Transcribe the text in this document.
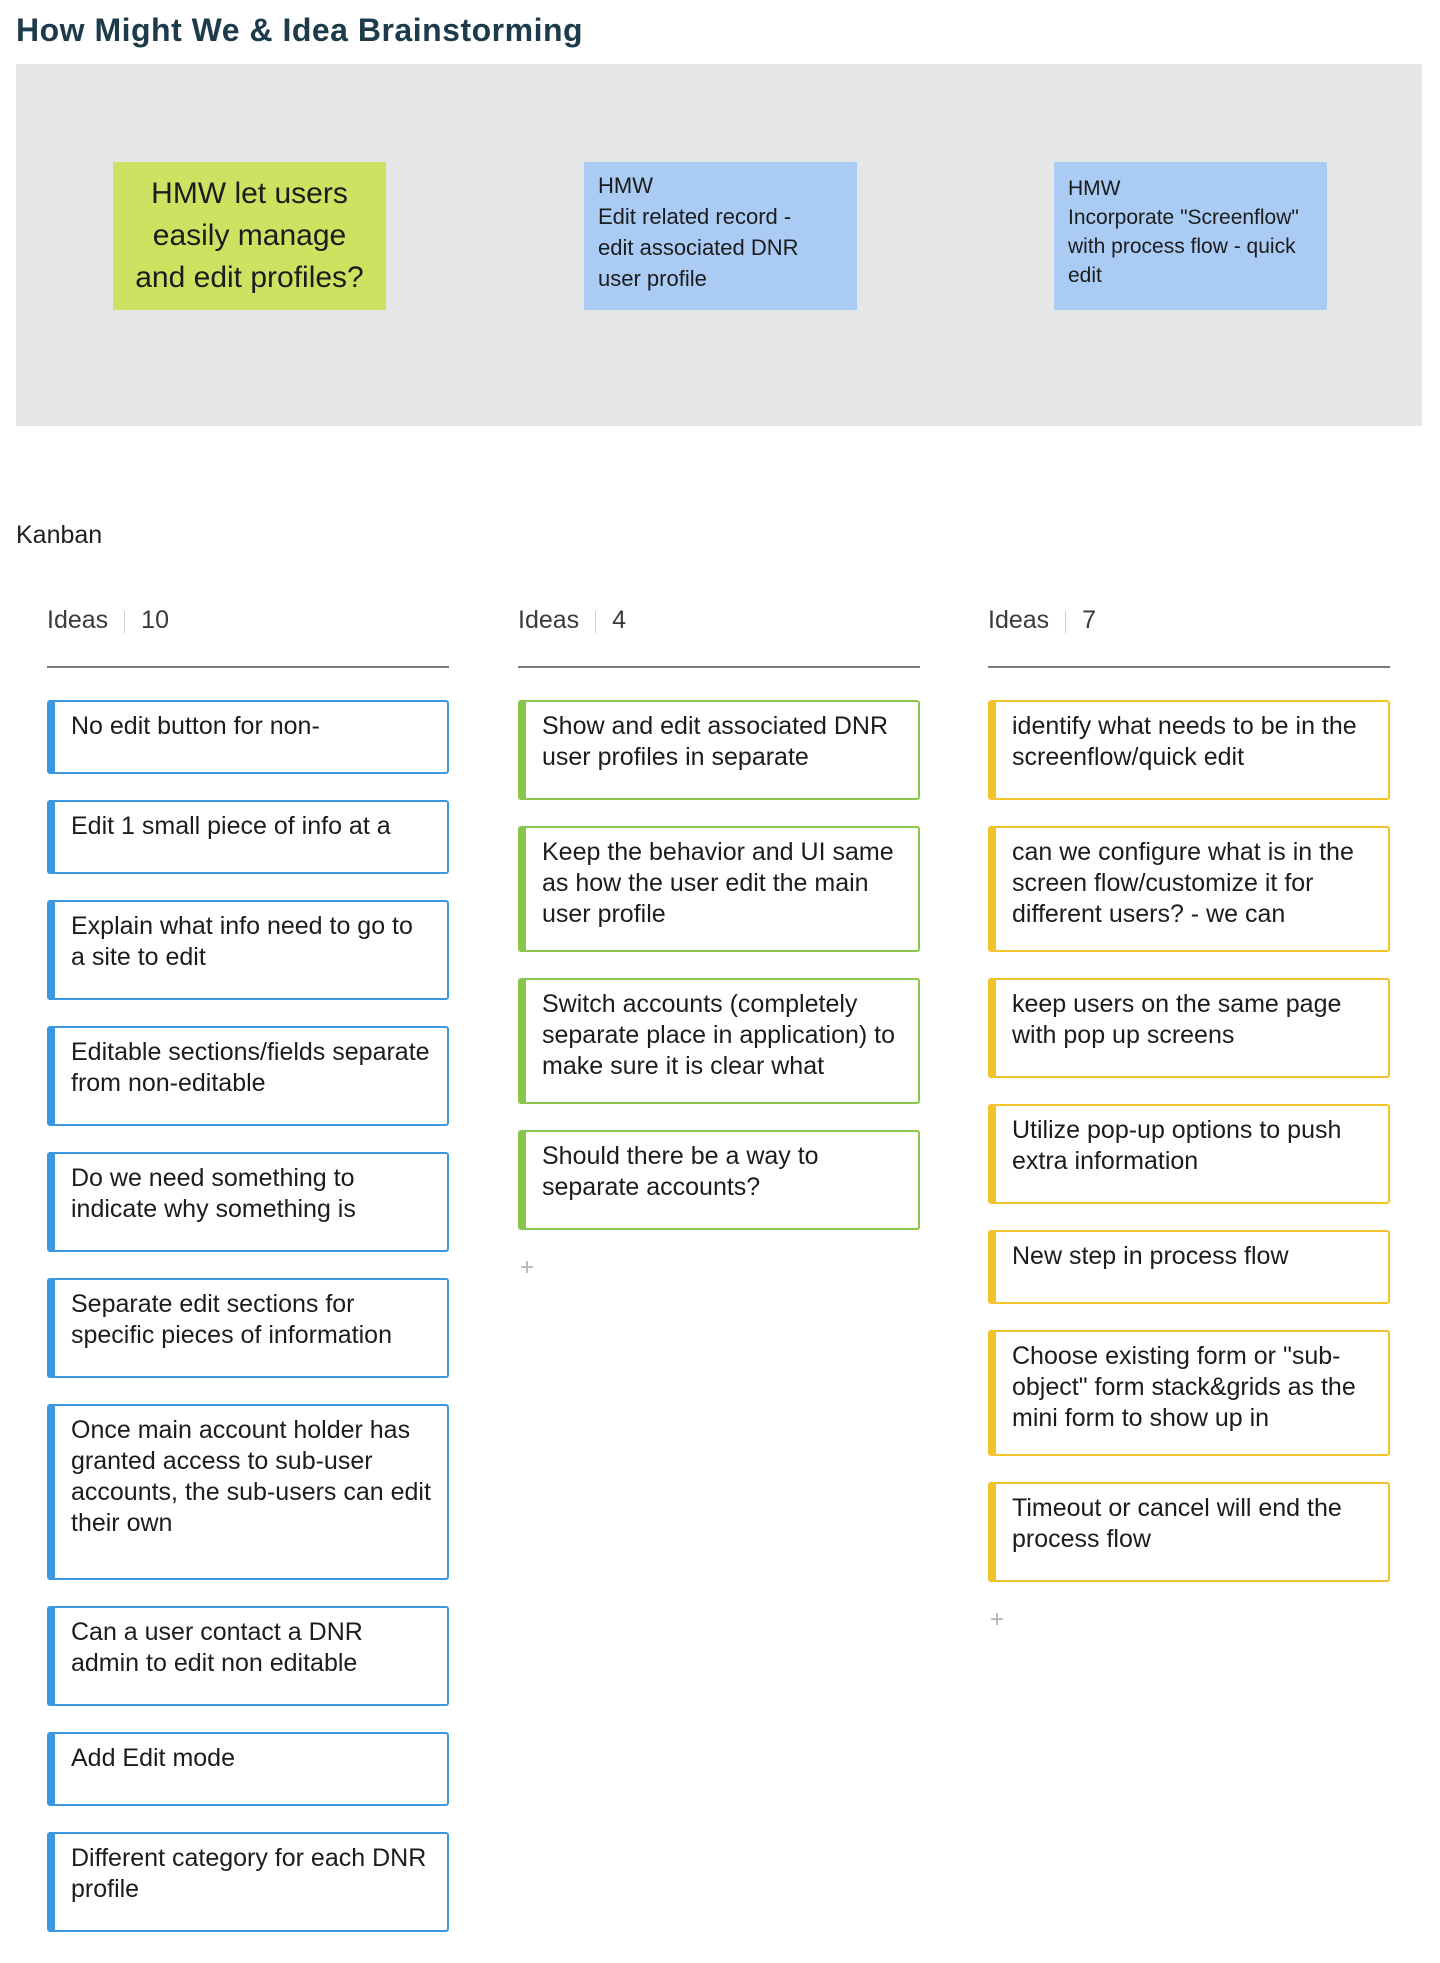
How Might We & Idea Brainstorming
HMW let users easily manage and edit profiles?
HMW
Edit related record -
edit associated DNR
user profile
HMW
Incorporate "Screenflow"
with process flow - quick
edit
Kanban
Ideas 10
No edit button for non-
Edit 1 small piece of info at a
Explain what info need to go to a site to edit
Editable sections/fields separate from non-editable
Do we need something to indicate why something is
Separate edit sections for specific pieces of information
Once main account holder has granted access to sub-user accounts, the sub-users can edit their own
Can a user contact a DNR admin to edit non editable
Add Edit mode
Different category for each DNR profile
Ideas 4
Show and edit associated DNR user profiles in separate
Keep the behavior and UI same as how the user edit the main user profile
Switch accounts (completely separate place in application) to make sure it is clear what
Should there be a way to separate accounts?
+
Ideas 7
identify what needs to be in the screenflow/quick edit
can we configure what is in the screen flow/customize it for different users? - we can
keep users on the same page with pop up screens
Utilize pop-up options to push extra information
New step in process flow
Choose existing form or "sub-object" form stack&grids as the mini form to show up in
Timeout or cancel will end the process flow
+
